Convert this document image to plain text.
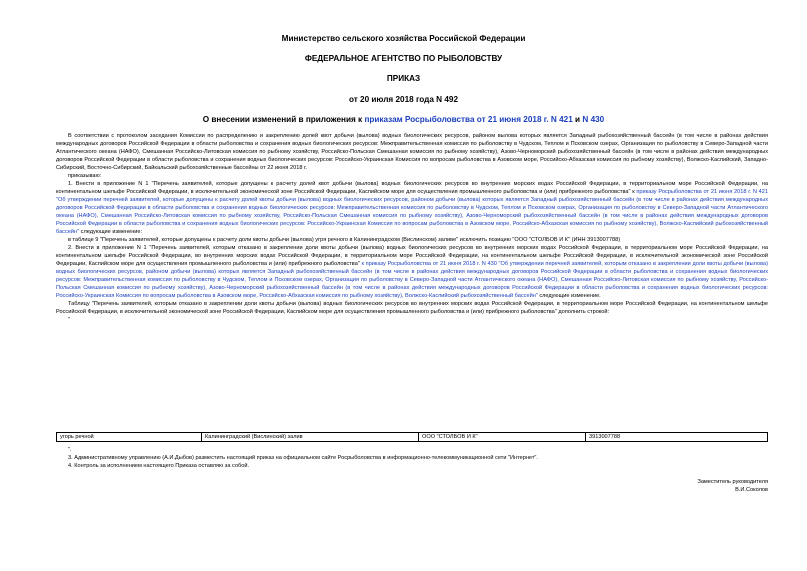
Министерство сельского хозяйства Российской Федерации
ФЕДЕРАЛЬНОЕ АГЕНТСТВО ПО РЫБОЛОВСТВУ
ПРИКАЗ
от 20 июля 2018 года N 492
О внесении изменений в приложения к приказам Росрыболовства от 21 июня 2018 г. N 421 и N 430

В соответствии с протоколом заседания Комиссии по распределению и закреплению долей квот добычи (вылова) водных биологических ресурсов, районом вылова которых является Западный рыбохозяйственный бассейн (в том числе в районах действия международных договоров Российской Федерации в области рыболовства и сохранения водных биологических ресурсов: Межправительственная комиссия по рыболовству в Чудском, Теплом и Псковском озерах, Организация по рыболовству в Северо-Западной части Атлантического океана (НАФО), Смешанная Российско-Литовская комиссия по рыбному хозяйству, Российско-Польская Смешанная комиссия по рыбному хозяйству), Азово-Черноморский рыбохозяйственный бассейн (в том числе в районах действия международных договоров Российской Федерации в области рыболовства и сохранения водных биологических ресурсов: Российско-Украинская Комиссия по вопросам рыболовства в Азовском море, Российско-Абхазская комиссия по рыбному хозяйству), Волжско-Каспийский, Западно-Сибирский, Восточно-Сибирский, Байкальский рыбохозяйственные бассейны от 22 июня 2018 г.

приказываю:

1. Внести в приложение N 1 "Перечень заявителей, которые допущены к расчету долей квот добычи (вылова) водных биологических ресурсов во внутренних морских водах Российской Федерации, в территориальном море Российской Федерации, на континентальном шельфе Российской Федерации, в исключительной экономической зоне Российской Федерации, Каспийском море для осуществления промышленного рыболовства и (или) прибрежного рыболовства" к приказу Росрыболовства от 21 июня 2018 г. N 421 "Об утверждении перечней заявителей, которые допущены к расчету долей квоты добычи (вылова) водных биологических ресурсов, районом добычи (вылова) которых является Западный рыбохозяйственный бассейн (в том числе в районах действия международных договоров Российской Федерации в области рыболовства и сохранения водных биологических ресурсов: Межправительственная комиссия по рыболовству в Чудском, Теплом и Псковском озерах, Организация по рыболовству в Северо-Западной части Атлантического океана (НАФО), Смешанная Российско-Литовская комиссия по рыбному хозяйству, Российско-Польская Смешанная комиссия по рыбному хозяйству), Азово-Черноморский рыбохозяйственный бассейн (в том числе в районах действия международных договоров Российской Федерации в области рыболовства и сохранения водных биологических ресурсов: Российско-Украинская Комиссия по вопросам рыболовства в Азовском море, Российско-Абхазская комиссия по рыбному хозяйству), Волжско-Каспийский рыбохозяйственный бассейн" следующие изменение:

в таблице 9 "Перечень заявителей, которые допущены к расчету доли квоты добычи (вылова) угря речного в Калининградском (Вислинском) заливе" исключить позицию "ООО "СТОЛБОВ И К" (ИНН 3913007788)

2. Внести в приложение N 1 "Перечень заявителей, которым отказано в закреплении доли квоты добычи (вылова) водных биологических ресурсов во внутренних морских водах Российской Федерации, в территориальном море Российской Федерации, на континентальном шельфе Российской Федерации, во внутренних морских водах Российской Федерации, в территориальном море Российской Федерации, на континентальном шельфе Российской Федерации, в исключительной экономической зоне Российской Федерации, Каспийском море для осуществления промышленного рыболовства и (или) прибрежного рыболовства" к приказу Росрыболовства от 21 июня 2018 г. N 430 "Об утверждении перечней заявителей, которым отказано в закреплении доли квоты добычи (вылова) водных биологических ресурсов, районом добычи (вылова) которых является Западный рыбохозяйственный бассейн (в том числе в районах действия международных договоров Российской Федерации в области рыболовства и сохранения водных биологических ресурсов: Межправительственная комиссия по рыболовству в Чудском, Теплом и Псковском озерах, Организация по рыболовству в Северо-Западной части Атлантического океана (НАФО), Смешанная Российско-Литовская комиссия по рыбному хозяйству, Российско-Польская Смешанная комиссия по рыбному хозяйству), Азово-Черноморский рыбохозяйственный бассейн (в том числе в районах действия международных договоров Российской Федерации в области рыболовства и сохранения водных биологических ресурсов: Российско-Украинская Комиссия по вопросам рыболовства в Азовском море, Российско-Абхазская комиссия по рыбному хозяйству), Волжско-Каспийский рыбохозяйственный бассейн" следующие изменение.

Таблицу "Перечень заявителей, которым отказано в закреплении доли квоты добычи (вылова) водных биологических ресурсов во внутренних морских водах Российской Федерации, в территориальном море Российской Федерации, на континентальном шельфе Российской Федерации, в исключительной экономической зоне Российской Федерации, Каспийском море для осуществления промышленного рыболовства и (или) прибрежного рыболовства" дополнить строкой:

"

угорь речной	Калининградский (Вислинский) залив	ООО "СТОЛБОВ И К"	3913007788

".

3. Административному управлению (А.И.Дыбов) разместить настоящий приказ на официальном сайте Росрыболовства в информационно-телекоммуникационной сети "Интернет".

4. Контроль за исполнением настоящего Приказа оставляю за собой.

Заместитель руководителя
В.И.Соколов
